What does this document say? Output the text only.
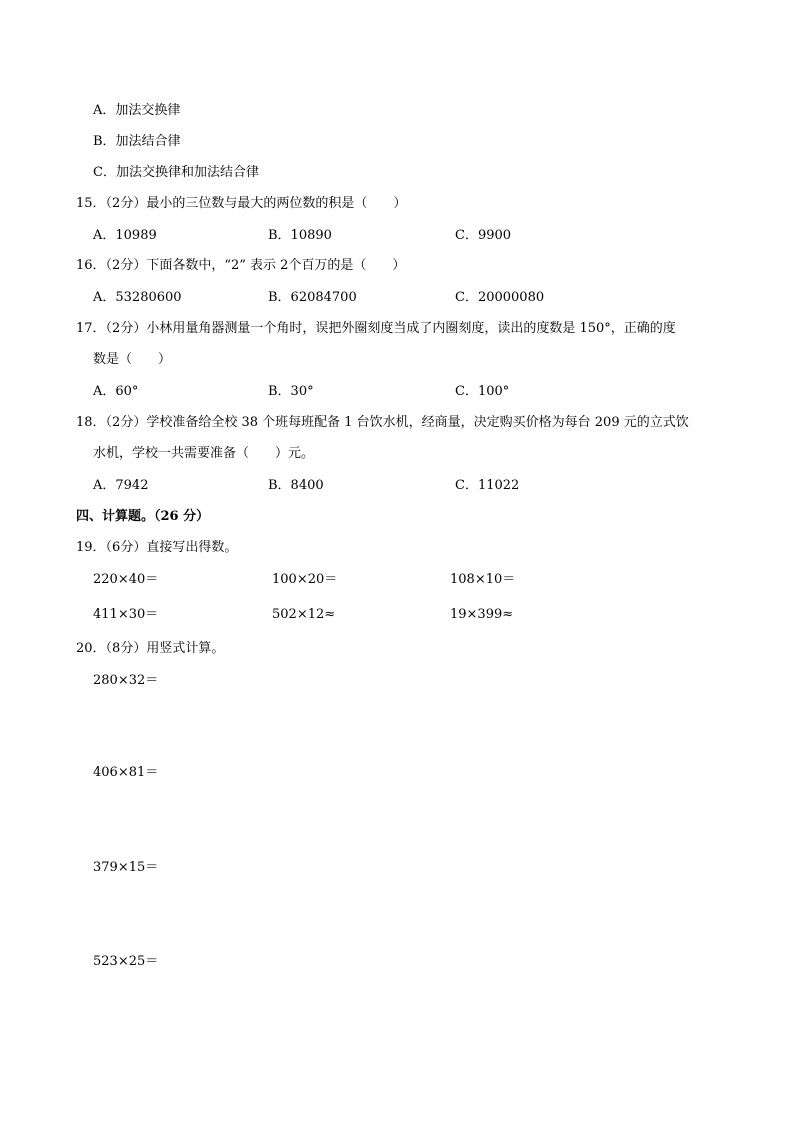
A．加法交换律
B．加法结合律
C．加法交换律和加法结合律
15．（2分）最小的三位数与最大的两位数的积是（　　）
A．10989	B．10890	C．9900
16．（2分）下面各数中，“2” 表示 2个百万的是（　　）
A．53280600	B．62084700	C．20000080
17．（2分）小林用量角器测量一个角时，误把外圈刻度当成了内圈刻度，读出的度数是 150°，正确的度
数是（　　）
A．60°	B．30°	C．100°
18．（2分）学校准备给全校 38 个班每班配备 1 台饮水机，经商量，决定购买价格为每台 209 元的立式饮
水机，学校一共需要准备（　　）元。
A．7942	B．8400	C．11022
四、计算题。（26 分）
19．（6分）直接写出得数。
220×40＝	100×20＝	108×10＝
411×30＝	502×12≈	19×399≈
20．（8分）用竖式计算。
280×32＝
406×81＝
379×15＝
523×25＝
